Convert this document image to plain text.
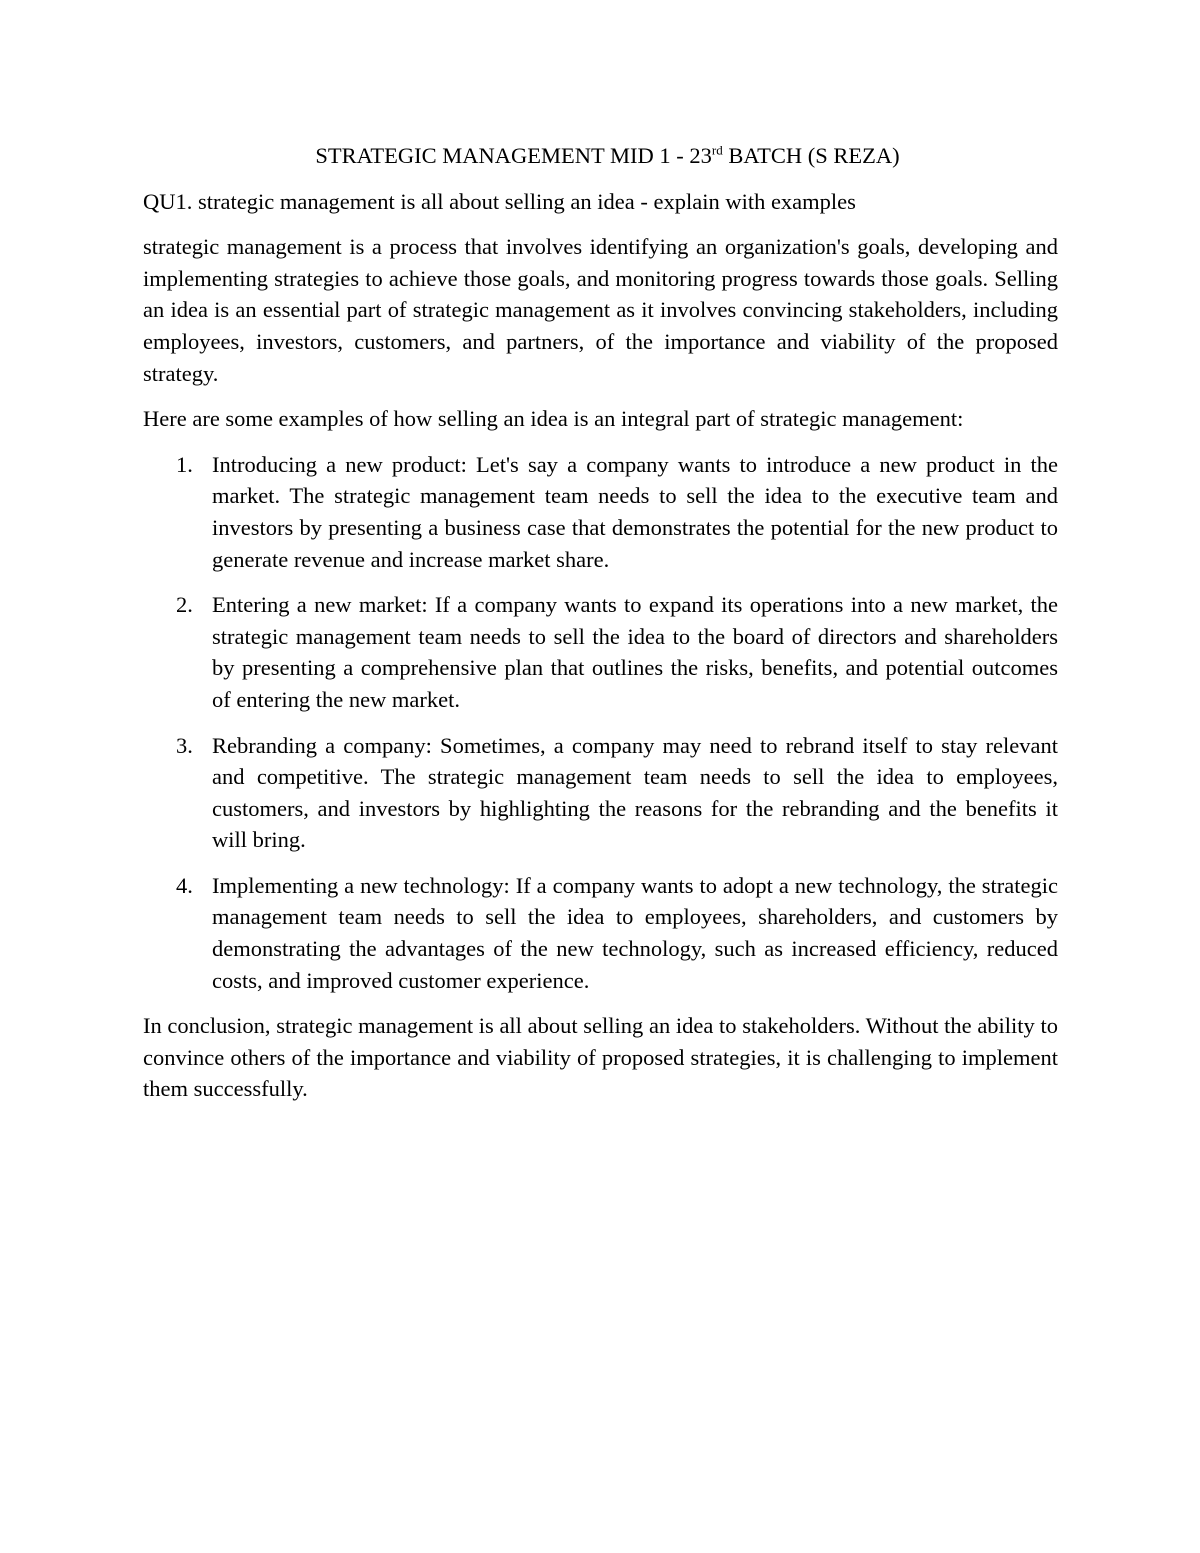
STRATEGIC MANAGEMENT MID 1 - 23rd BATCH (S REZA)

QU1. strategic management is all about selling an idea - explain with examples

strategic management is a process that involves identifying an organization's goals, developing and implementing strategies to achieve those goals, and monitoring progress towards those goals. Selling an idea is an essential part of strategic management as it involves convincing stakeholders, including employees, investors, customers, and partners, of the importance and viability of the proposed strategy.

Here are some examples of how selling an idea is an integral part of strategic management:

1. Introducing a new product: Let's say a company wants to introduce a new product in the market. The strategic management team needs to sell the idea to the executive team and investors by presenting a business case that demonstrates the potential for the new product to generate revenue and increase market share.
2. Entering a new market: If a company wants to expand its operations into a new market, the strategic management team needs to sell the idea to the board of directors and shareholders by presenting a comprehensive plan that outlines the risks, benefits, and potential outcomes of entering the new market.
3. Rebranding a company: Sometimes, a company may need to rebrand itself to stay relevant and competitive. The strategic management team needs to sell the idea to employees, customers, and investors by highlighting the reasons for the rebranding and the benefits it will bring.
4. Implementing a new technology: If a company wants to adopt a new technology, the strategic management team needs to sell the idea to employees, shareholders, and customers by demonstrating the advantages of the new technology, such as increased efficiency, reduced costs, and improved customer experience.

In conclusion, strategic management is all about selling an idea to stakeholders. Without the ability to convince others of the importance and viability of proposed strategies, it is challenging to implement them successfully.
